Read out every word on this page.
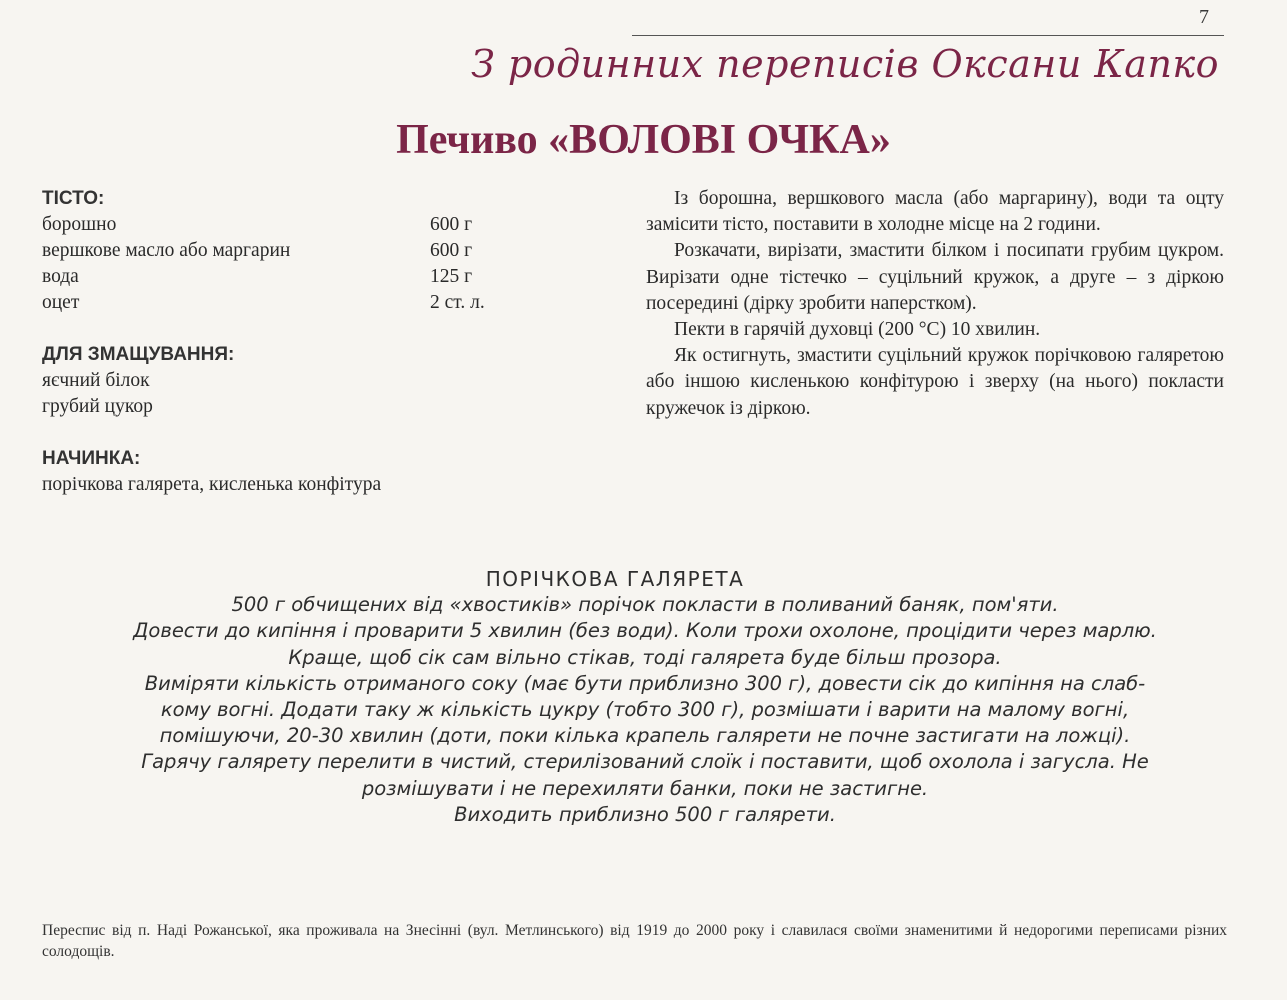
7
З родинних переписів Оксани Капко
Печиво «ВОЛОВІ ОЧКА»
ТІСТО:
борошно	600 г
вершкове масло або маргарин	600 г
вода	125 г
оцет	2 ст. л.
ДЛЯ ЗМАЩУВАННЯ:
яєчний білок
грубий цукор
НАЧИНКА:
порічкова галярета, кисленька конфітура

Із борошна, вершкового масла (або маргарину), води та оцту замісити тісто, поставити в холодне місце на 2 години.

Розкачати, вирізати, змастити білком і посипати грубим цукром. Вирізати одне тістечко – суцільний кружок, а друге – з діркою посередині (дірку зробити наперстком).

Пекти в гарячій духовці (200 °C) 10 хвилин.

Як остигнуть, змастити суцільний кружок порічковою галяретою або іншою кисленькою конфітурою і зверху (на нього) покласти кружечок із діркою.

ПОРІЧКОВА ГАЛЯРЕТА
500 г обчищених від «хвостиків» порічок покласти в поливаний баняк, пом'яти.
Довести до кипіння і проварити 5 хвилин (без води). Коли трохи охолоне, процідити через марлю.
Краще, щоб сік сам вільно стікав, тоді галярета буде більш прозора.
Виміряти кількість отриманого соку (має бути приблизно 300 г), довести сік до кипіння на слаб-
кому вогні. Додати таку ж кількість цукру (тобто 300 г), розмішати і варити на малому вогні,
помішуючи, 20-30 хвилин (доти, поки кілька крапель галярети не почне застигати на ложці).
Гарячу галярету перелити в чистий, стерилізований слоїк і поставити, щоб охолола і загусла. Не
розмішувати і не перехиляти банки, поки не застигне.
Виходить приблизно 500 г галярети.
Переспис від п. Наді Рожанської, яка проживала на Знесінні (вул. Метлинського) від 1919 до 2000 року і славилася своїми знаменитими й недорогими переписами різних солодощів.
